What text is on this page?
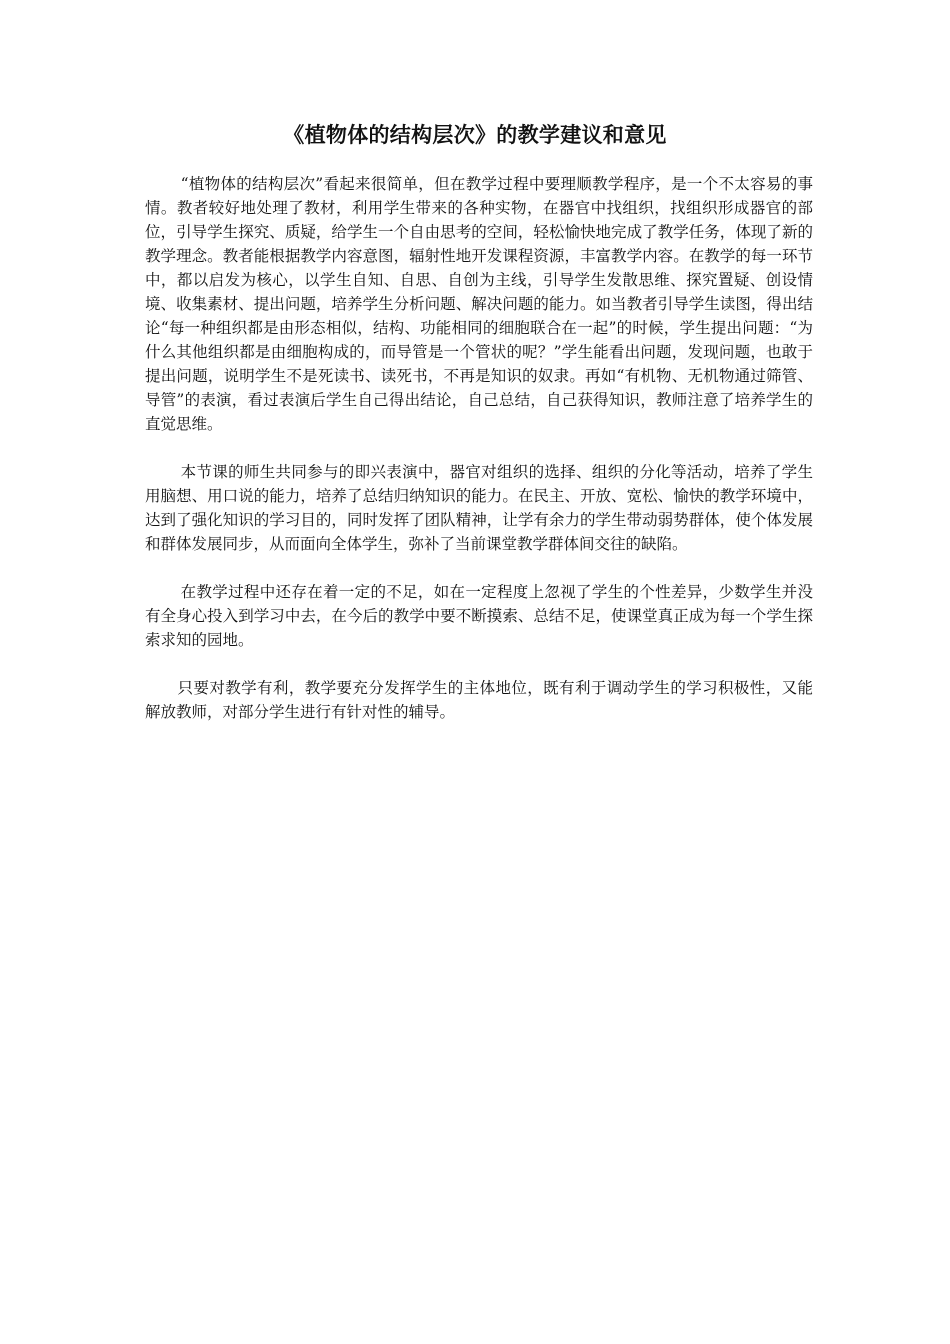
《植物体的结构层次》的教学建议和意见

“植物体的结构层次”看起来很简单，但在教学过程中要理顺教学程序，是一个不太容易的事情。教者较好地处理了教材，利用学生带来的各种实物，在器官中找组织，找组织形成器官的部位，引导学生探究、质疑，给学生一个自由思考的空间，轻松愉快地完成了教学任务，体现了新的教学理念。教者能根据教学内容意图，辐射性地开发课程资源，丰富教学内容。在教学的每一环节中，都以启发为核心，以学生自知、自思、自创为主线，引导学生发散思维、探究置疑、创设情境、收集素材、提出问题，培养学生分析问题、解决问题的能力。如当教者引导学生读图，得出结论“每一种组织都是由形态相似，结构、功能相同的细胞联合在一起”的时候，学生提出问题：“为什么其他组织都是由细胞构成的，而导管是一个管状的呢？”学生能看出问题，发现问题，也敢于提出问题，说明学生不是死读书、读死书，不再是知识的奴隶。再如“有机物、无机物通过筛管、导管”的表演，看过表演后学生自己得出结论，自己总结，自己获得知识，教师注意了培养学生的直觉思维。

本节课的师生共同参与的即兴表演中，器官对组织的选择、组织的分化等活动，培养了学生用脑想、用口说的能力，培养了总结归纳知识的能力。在民主、开放、宽松、愉快的教学环境中，达到了强化知识的学习目的，同时发挥了团队精神，让学有余力的学生带动弱势群体，使个体发展和群体发展同步，从而面向全体学生，弥补了当前课堂教学群体间交往的缺陷。

在教学过程中还存在着一定的不足，如在一定程度上忽视了学生的个性差异，少数学生并没有全身心投入到学习中去，在今后的教学中要不断摸索、总结不足，使课堂真正成为每一个学生探索求知的园地。

只要对教学有利，教学要充分发挥学生的主体地位，既有利于调动学生的学习积极性，又能解放教师，对部分学生进行有针对性的辅导。
